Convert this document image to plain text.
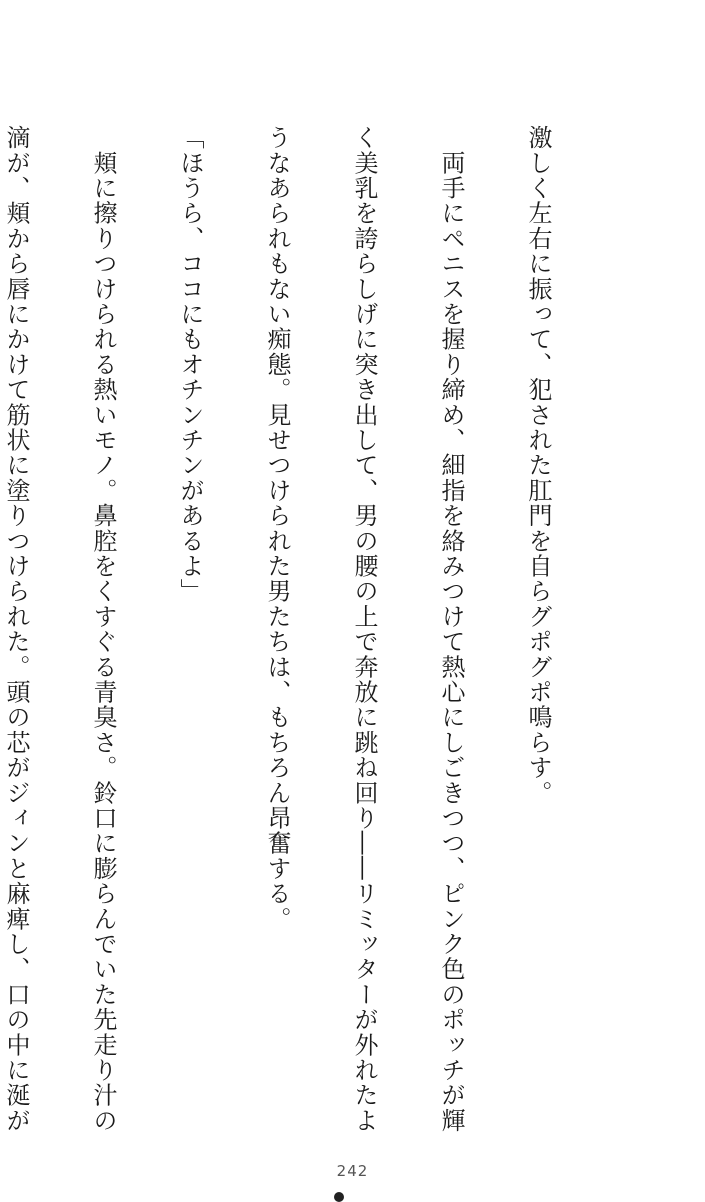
激しく左右に振って、犯された肛門を自らグポグポ鳴らす。

　両手にペニスを握り締め、細指を絡みつけて熱心にしごきつつ、ピンク色のポッチが輝

く美乳を誇らしげに突き出して、男の腰の上で奔放に跳ね回り――リミッターが外れたよ

うなあられもない痴態。見せつけられた男たちは、もちろん昂奮する。

「ほうら、ココにもオチンチンがあるよ」

　頬に擦りつけられる熱いモノ。鼻腔をくすぐる青臭さ。鈴口に膨らんでいた先走り汁の

滴が、頬から唇にかけて筋状に塗りつけられた。頭の芯がジィンと麻痺し、口の中に涎が

242
